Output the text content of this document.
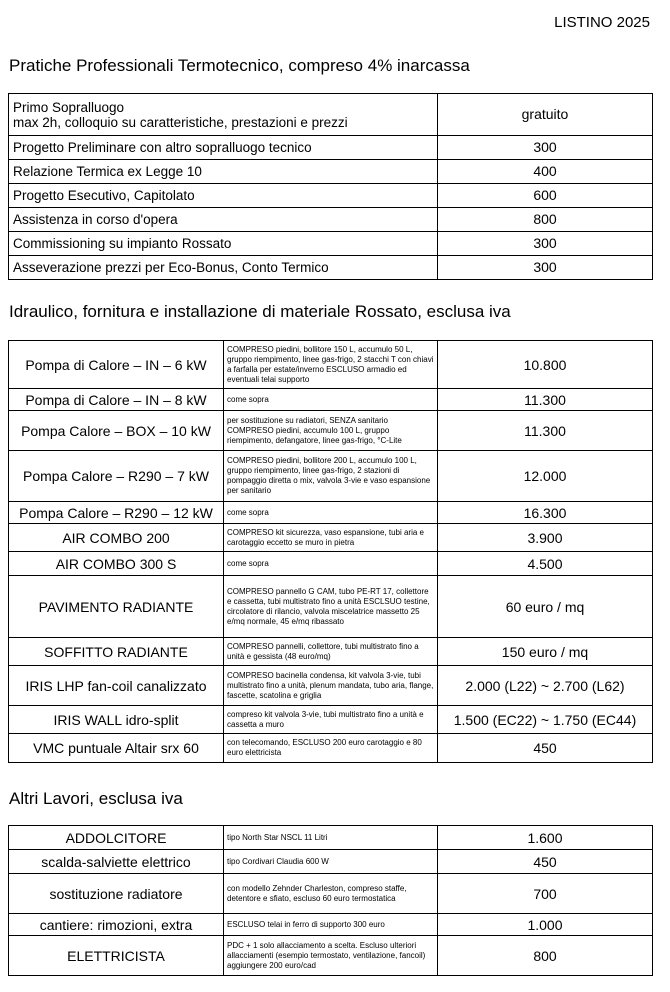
LISTINO 2025
Pratiche Professionali Termotecnico, compreso 4% inarcassa
Primo Sopralluogo
max 2h, colloquio su caratteristiche, prestazioni e prezzi	gratuito
Progetto Preliminare con altro sopralluogo tecnico	300
Relazione Termica ex Legge 10	400
Progetto Esecutivo, Capitolato	600
Assistenza in corso d'opera	800
Commissioning su impianto Rossato	300
Asseverazione prezzi per Eco-Bonus, Conto Termico	300
Idraulico, fornitura e installazione di materiale Rossato, esclusa iva
Pompa di Calore – IN – 6 kW	COMPRESO piedini, bollitore 150 L, accumulo 50 L, gruppo riempimento, linee gas-frigo, 2 stacchi T con chiavi a farfalla per estate/inverno ESCLUSO armadio ed eventuali telai supporto	10.800
Pompa di Calore – IN – 8 kW	come sopra	11.300
Pompa Calore – BOX – 10 kW	per sostituzione su radiatori, SENZA sanitario COMPRESO piedini, accumulo 100 L, gruppo riempimento, defangatore, linee gas-frigo, °C-Lite	11.300
Pompa Calore – R290 – 7 kW	COMPRESO piedini, bollitore 200 L, accumulo 100 L, gruppo riempimento, linee gas-frigo, 2 stazioni di pompaggio diretta o mix, valvola 3-vie e vaso espansione per sanitario	12.000
Pompa Calore – R290 – 12 kW	come sopra	16.300
AIR COMBO 200	COMPRESO kit sicurezza, vaso espansione, tubi aria e carotaggio eccetto se muro in pietra	3.900
AIR COMBO 300 S	come sopra	4.500
PAVIMENTO RADIANTE	COMPRESO pannello G CAM, tubo PE-RT 17, collettore e cassetta, tubi multistrato fino a unità ESCLSUO testine, circolatore di rilancio, valvola miscelatrice massetto 25 e/mq normale, 45 e/mq ribassato	60 euro / mq
SOFFITTO RADIANTE	COMPRESO pannelli, collettore, tubi multistrato fino a unità e gessista (48 euro/mq)	150 euro / mq
IRIS LHP fan-coil canalizzato	COMPRESO bacinella condensa, kit valvola 3-vie, tubi multistrato fino a unità, plenum mandata, tubo aria, flange, fascette, scatolina e griglia	2.000 (L22) ~ 2.700 (L62)
IRIS WALL idro-split	compreso kit valvola 3-vie, tubi multistrato fino a unità e cassetta a muro	1.500 (EC22) ~ 1.750 (EC44)
VMC puntuale Altair srx 60	con telecomando, ESCLUSO 200 euro carotaggio e 80 euro elettricista	450
Altri Lavori, esclusa iva
ADDOLCITORE	tipo North Star NSCL 11 Litri	1.600
scalda-salviette elettrico	tipo Cordivari Claudia 600 W	450
sostituzione radiatore	con modello Zehnder Charleston, compreso staffe, detentore e sfiato, escluso 60 euro termostatica	700
cantiere: rimozioni, extra	ESCLUSO telai in ferro di supporto 300 euro	1.000
ELETTRICISTA	PDC + 1 solo allacciamento a scelta. Escluso ulteriori allacciamenti (esempio termostato, ventilazione, fancoil) aggiungere 200 euro/cad	800
